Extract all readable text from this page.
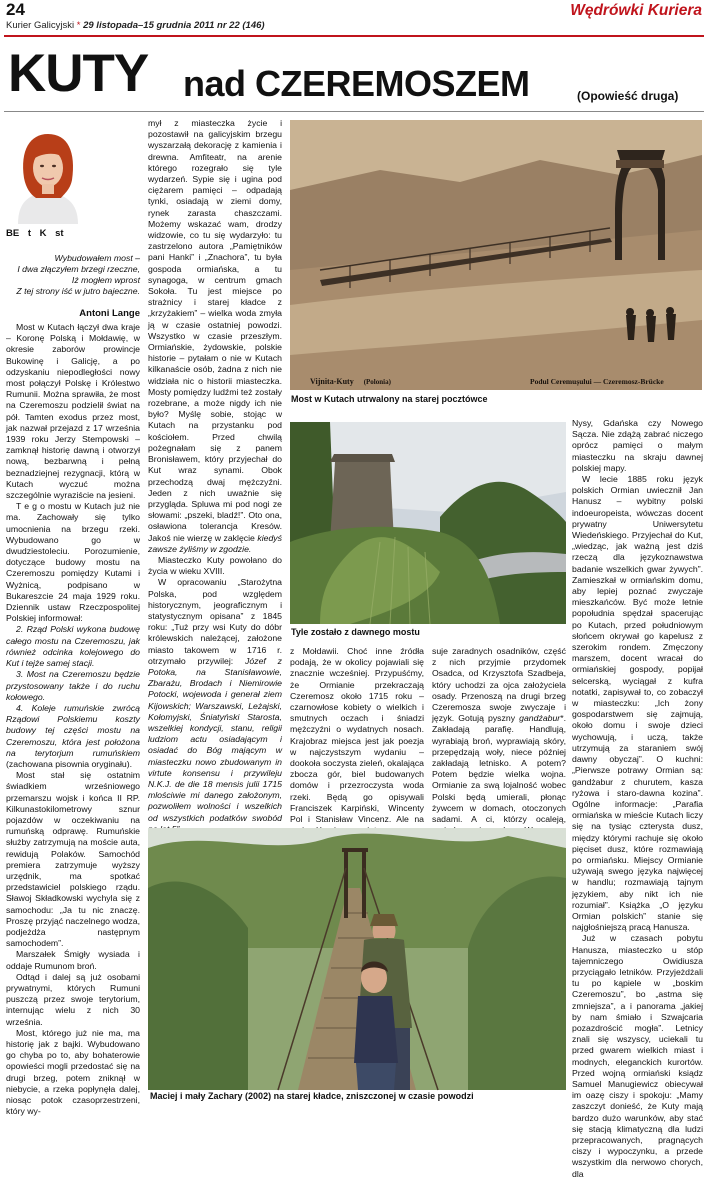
24
Kurier Galicyjski * 29 listopada–15 grudnia 2011 nr 22 (146)
Wędrówki Kuriera
KUTY nad CZEREMOSZEM	(Opowieść druga)
BE t K st
Wybudowałem most –
I dwa złączyłem brzegi rzeczne,
Iż mogłem wprost
Z tej strony iść w jutro bajeczne.
Antoni Lange

Most w Kutach łączył dwa kraje – Koronę Polską i Mołdawię, w okresie zaborów prowincje Bukowinę i Galicję, a po odzyskaniu niepodległości nowy most połączył Polskę i Królestwo Rumunii. Można sprawiła, że most na Czeremoszu podzielił świat na pół. Tamten exodus przez most, jak nazwał przejazd z 17 września 1939 roku Jerzy Stempowski – zamknął historię dawną i otworzył nową, bezbarwną i pełną beznadziejnej rezygnacji, którą w Kutach wyczuć można szczególnie wyraziście na jesieni.

T e g o mostu w Kutach już nie ma. Zachowały się tylko umocnienia na brzegu rzeki. Wybudowano go w dwudziestoleciu. Porozumienie, dotyczące budowy mostu na Czeremoszu pomiędzy Kutami i Wyżnicą, podpisano w Bukareszcie 24 maja 1929 roku. Dziennik ustaw Rzeczpospolitej Polskiej informował:

2. Rząd Polski wykona budowę całego mostu na Czeremoszu, jak również odcinka kolejowego do Kut i tejże samej stacji.

3. Most na Czeremoszu będzie przystosowany także i do ruchu kołowego.

4. Koleje rumuńskie zwrócą Rządowi Polskiemu koszty budowy tej części mostu na Czeremoszu, która jest położona na terytorjum rumuńskiem (zachowana pisownia oryginału).

Most stał się ostatnim świadkiem wrześniowego przemarszu wojsk i końca II RP. Kilkunastokilometrowy sznur pojazdów w oczekiwaniu na rumuńską odprawę. Rumuńskie służby zatrzymują na moście auta, rewidują Polaków. Samochód premiera zatrzymuje wyższy urzędnik, ma spotkać przedstawiciel polskiego rządu. Sławoj Składkowski wychyla się z samochodu: „Ja tu nic znaczę. Proszę przyjąć naczelnego wodza, podjeżdża następnym samochodem”.

Marszałek Śmigły wysiada i oddaje Rumunom broń.

Odtąd i dalej są już osobami prywatnymi, których Rumuni puszczą przez swoje terytorium, internując wielu z nich 30 września.

Most, którego już nie ma, ma historię jak z bajki. Wybudowano go chyba po to, aby bohaterowie opowieści mogli przedostać się na drugi brzeg, potem zniknął w niebycie, a rzeka popłynęła dalej, niosąc potok czasoprzestrzeni, który wy-

mył z miasteczka życie i pozostawił na galicyjskim brzegu wyszarzałą dekorację z kamienia i drewna. Amfiteatr, na arenie którego rozegrało się tyle wydarzeń. Sypie się i ugina pod ciężarem pamięci – odpadają tynki, osiadają w ziemi domy, rynek zarasta chaszczami. Możemy wskazać wam, drodzy widzowie, co tu się wydarzyło: tu zastrzelono autora „Pamiętników pani Hanki” i „Znachora”, tu była gospoda ormiańska, a tu synagoga, w centrum gmach Sokoła. Tu jest miejsce po strażnicy i starej kładce z „krzyżakiem” – wielka woda zmyła ją w czasie ostatniej powodzi. Wszystko w czasie przeszłym. Ormiańskie, żydowskie, polskie historie – pytałam o nie w Kutach kilkanaście osób, żadna z nich nie widziała nic o historii miasteczka. Mosty pomiędzy ludźmi też zostały rozebrane, a może nigdy ich nie było? Myślę sobie, stojąc w Kutach na przystanku pod kościołem. Przed chwilą pożegnałam się z panem Bronisławem, który przyjechał do Kut wraz synami. Obok przechodzą dwaj mężczyźni. Jeden z nich uważnie się przygląda. Spluwa mi pod nogi ze słowami: „pszeki, bladź!”. Oto ona, osławiona tolerancja Kresów. Jakoś nie wierzę w zaklęcie kiedyś zawsze żyliśmy w zgodzie.

Miasteczko Kuty powołano do życia w wieku XVIII.

W opracowaniu „Starożytna Polska, pod względem historycznym, jeograficznym i statystycznym opisana” z 1845 roku: „Tuż przy wsi Kuty do dóbr królewskich należącej, założone miasto takowem w 1716 r. otrzymało przywilej: Józef z Potoka, na Stanisławowie, Zbarażu, Brodach i Niemirowie Potocki, wojewoda i generał ziem Kijowskich; Warszawski, Leżajski, Kołomyjski, Śniatyński Starosta, wszelkiej kondycji, stanu, religii ludziom actu osiadającym i osiadać do Bóg mającym w miasteczku nowo zbudowanym in virtute konsensu i przywileju N.K.J. de die 18 mensis julii 1715 mlościwie mi danego założonym, pozwoliłem wolności i wszelkich od wszystkich podatków swobód

Vijnita-Kuty (Polonia)	Podul Ceremușului — Czeremosz-Brücke
Most w Kutach utrwalony na starej pocztówce
Tyle zostało z dawnego mostu

z Mołdawii. Choć inne źródła podają, że w okolicy pojawiali się znacznie wcześniej. Przypuśćmy, że Ormianie przekraczają Czeremosz około 1715 roku – czarnowłose kobiety o wielkich i smutnych oczach i śniadzi mężczyźni o wydatnych nosach. Krajobraz miejsca jest jak poezja w najczystszym wydaniu – dookoła soczysta zieleń, okalająca zboczа gór, biel budowanych domów i przezroczysta woda rzeki. Będą go opisywali Franciszek Karpiński, Wincenty Pol i Stanisław Vincenz. Ale na

suje zaradnych osadników, część z nich przyjmie przydomek Osadca, od Krzysztofa Szadbeja, który uchodzi za ojca założyciela osady. Przenoszą na drugi brzeg Czeremosza swoje zwyczaje i język. Gotują pyszny gandżabur*. Zakładają parafię. Handlują, wyrabiają broń, wyprawiają skóry, przepędzają woły, niece później zakładają letnisko. A potem? Potem będzie wielka wojna. Ormianie za swą lojalność wobec Polski będą umierali, płonąc żywcem w domach, otoczonych sadami. A ci, którzy ocaleją,

Nysy, Gdańska czy Nowego Sącza. Nie zdążą zabrać niczego oprócz pamięci o małym miasteczku na skraju dawnej polskiej mapy.

W lecie 1885 roku język polskich Ormian uwiecznił Jan Hanusz – wybitny polski indoeuropeista, wówczas docent prywatny Uniwersytetu Wiedeńskiego. Przyjechał do Kut, „wiedząc, jak ważną jest dziś rzeczą dla językoznawstwa badanie wszelkich gwar żywych”. Zamieszkał w ormiańskim domu, aby lepiej poznać zwyczaje mieszkańców. Być może letnie popołudnia spędzał spacerując po Kutach, przed południowym słońcem okrywał go kapelusz z szerokim rondem. Zmęczony marszem, docent wracał do ormiańskiej gospody, popijał selcerską, wyciągał z kufra notatki, zapisywał to, co zobaczył w miasteczku: „Ich żony gospodarstwem się zajmują, około domu i swoje dzieci wychowują, i uczą, także utrzymują za staraniem swój dawny obyczaj”. O kuchni: „Pierwsze potrawy Ormian są: gandżabur z churutem, kasza ryżowa i staro-dawna kozina”. Ogólne informacje: „Parafia ormiańska w mieście Kutach liczy się na tysiąc czterysta dusz, między którymi rachuje się około pięciset dusz, które rozmawiają po ormiańsku. Miejscy Ormianie używają swego języka najwięcej w handlu; rozmawiają tajnym językiem, aby nikt ich nie rozumiał”. Książka „O języku Ormian polskich” stanie się najgłośniejszą pracą Hanusza.

Już w czasach pobytu Hanusza, miasteczko u stóp tajemniczego Owidiusza przyciągało letników. Przyjeżdżali tu po kąpiele w „boskim Czeremoszu”, bo „astma się zmniejsza”, a i panorama „jakiej by nam śmiało i Szwajcaria pozazdrościć mogła”. Letnicy znali się wszyscy, uciekali tu przed gwarem wielkich miast i modnych, eleganckich kurortów. Przed wojną ormiański ksiądz Samuel Manugiewicz obiecywał im oazę ciszy i spokoju: „Mamy zaszczyt donieść, że Kuty mają bardzo dużo warunków, aby stać się stacją klimatyczną dla ludzi przepracowanych, pragnących ciszy i wypoczynku, a przede wszystkim dla nerwowo chorych, dla

Maciej i mały Zachary (2002) na starej kładce, zniszczonej w czasie powodzi
